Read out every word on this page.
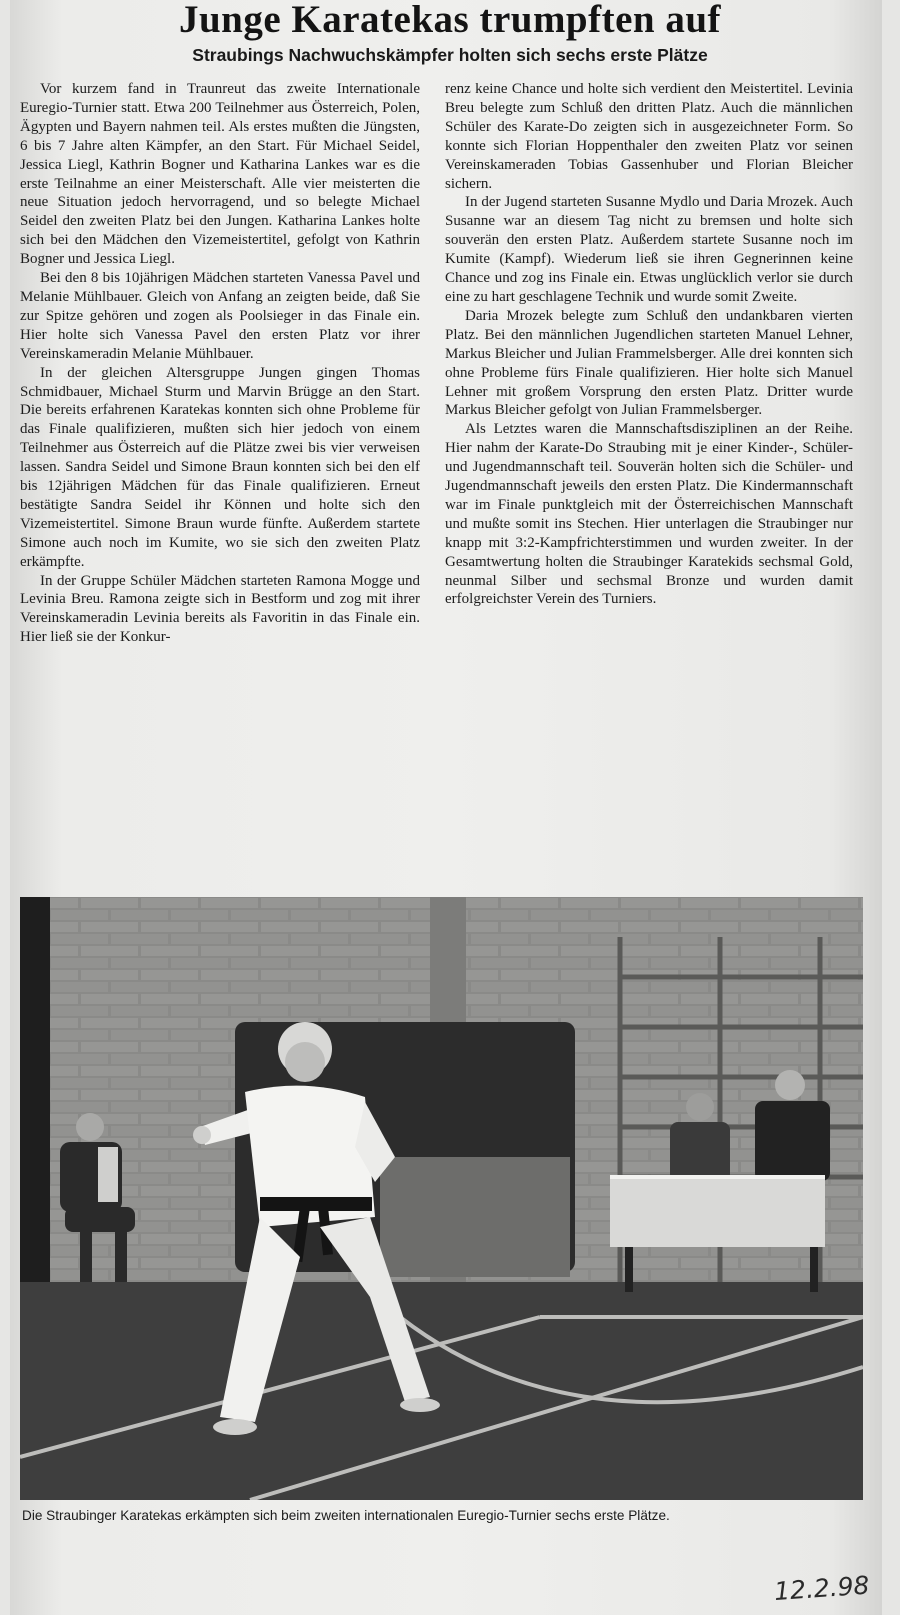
Junge Karatekas trumpften auf
Straubings Nachwuchskämpfer holten sich sechs erste Plätze

Vor kurzem fand in Traunreut das zweite Internationale Euregio-Turnier statt. Etwa 200 Teilnehmer aus Österreich, Polen, Ägypten und Bayern nahmen teil. Als erstes mußten die Jüngsten, 6 bis 7 Jahre alten Kämpfer, an den Start. Für Michael Seidel, Jessica Liegl, Kathrin Bogner und Katharina Lankes war es die erste Teilnahme an einer Meisterschaft. Alle vier meisterten die neue Situation jedoch hervorragend, und so belegte Michael Seidel den zweiten Platz bei den Jungen. Katharina Lankes holte sich bei den Mädchen den Vizemeistertitel, gefolgt von Kathrin Bogner und Jessica Liegl.

Bei den 8 bis 10jährigen Mädchen starteten Vanessa Pavel und Melanie Mühlbauer. Gleich von Anfang an zeigten beide, daß Sie zur Spitze gehören und zogen als Poolsieger in das Finale ein. Hier holte sich Vanessa Pavel den ersten Platz vor ihrer Vereinskameradin Melanie Mühlbauer.

In der gleichen Altersgruppe Jungen gingen Thomas Schmidbauer, Michael Sturm und Marvin Brügge an den Start. Die bereits erfahrenen Karatekas konnten sich ohne Probleme für das Finale qualifizieren, mußten sich hier jedoch von einem Teilnehmer aus Österreich auf die Plätze zwei bis vier verweisen lassen. Sandra Seidel und Simone Braun konnten sich bei den elf bis 12jährigen Mädchen für das Finale qualifizieren. Erneut bestätigte Sandra Seidel ihr Können und holte sich den Vizemeistertitel. Simone Braun wurde fünfte. Außerdem startete Simone auch noch im Kumite, wo sie sich den zweiten Platz erkämpfte.

In der Gruppe Schüler Mädchen starteten Ramona Mogge und Levinia Breu. Ramona zeigte sich in Bestform und zog mit ihrer Vereinskameradin Levinia bereits als Favoritin in das Finale ein. Hier ließ sie der Konkur-

renz keine Chance und holte sich verdient den Meistertitel. Levinia Breu belegte zum Schluß den dritten Platz. Auch die männlichen Schüler des Karate-Do zeigten sich in ausgezeichneter Form. So konnte sich Florian Hoppenthaler den zweiten Platz vor seinen Vereinskameraden Tobias Gassenhuber und Florian Bleicher sichern.

In der Jugend starteten Susanne Mydlo und Daria Mrozek. Auch Susanne war an diesem Tag nicht zu bremsen und holte sich souverän den ersten Platz. Außerdem startete Susanne noch im Kumite (Kampf). Wiederum ließ sie ihren Gegnerinnen keine Chance und zog ins Finale ein. Etwas unglücklich verlor sie durch eine zu hart geschlagene Technik und wurde somit Zweite.

Daria Mrozek belegte zum Schluß den undankbaren vierten Platz. Bei den männlichen Jugendlichen starteten Manuel Lehner, Markus Bleicher und Julian Frammelsberger. Alle drei konnten sich ohne Probleme fürs Finale qualifizieren. Hier holte sich Manuel Lehner mit großem Vorsprung den ersten Platz. Dritter wurde Markus Bleicher gefolgt von Julian Frammelsberger.

Als Letztes waren die Mannschaftsdisziplinen an der Reihe. Hier nahm der Karate-Do Straubing mit je einer Kinder-, Schüler- und Jugendmannschaft teil. Souverän holten sich die Schüler- und Jugendmannschaft jeweils den ersten Platz. Die Kindermannschaft war im Finale punktgleich mit der Österreichischen Mannschaft und mußte somit ins Stechen. Hier unterlagen die Straubinger nur knapp mit 3:2-Kampfrichterstimmen und wurden zweiter. In der Gesamtwertung holten die Straubinger Karatekids sechsmal Gold, neunmal Silber und sechsmal Bronze und wurden damit erfolgreichster Verein des Turniers.

Die Straubinger Karatekas erkämpten sich beim zweiten internationalen Euregio-Turnier sechs erste Plätze.
12.2.98
